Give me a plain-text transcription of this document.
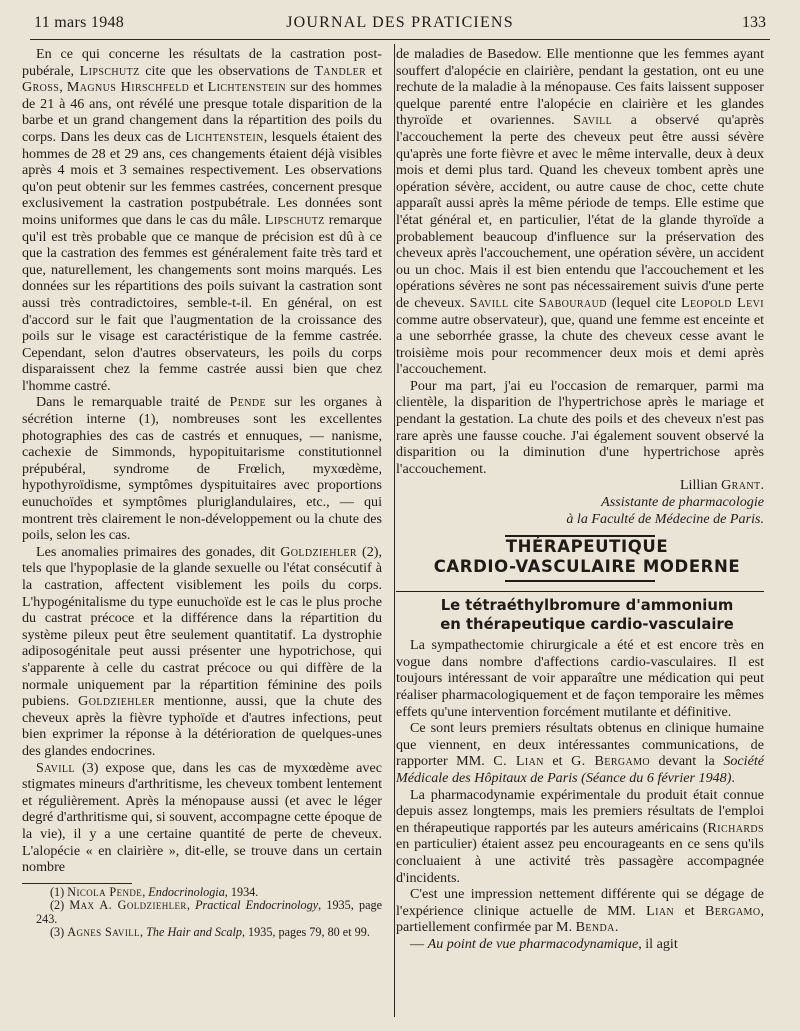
11 mars 1948	JOURNAL DES PRATICIENS	133

En ce qui concerne les résultats de la castration post-pubérale, Lipschutz cite que les observations de Tandler et Gross, Magnus Hirschfeld et Lichtenstein sur des hommes de 21 à 46 ans, ont révélé une presque totale disparition de la barbe et un grand changement dans la répartition des poils du corps. Dans les deux cas de Lichtenstein, lesquels étaient des hommes de 28 et 29 ans, ces changements étaient déjà visibles après 4 mois et 3 semaines respectivement. Les observations qu'on peut obtenir sur les femmes castrées, concernent presque exclusivement la castration postpubétrale. Les données sont moins uniformes que dans le cas du mâle. Lipschutz remarque qu'il est très probable que ce manque de précision est dû à ce que la castration des femmes est généralement faite très tard et que, naturellement, les changements sont moins marqués. Les données sur les répartitions des poils suivant la castration sont aussi très contradictoires, semble-t-il. En général, on est d'accord sur le fait que l'augmentation de la croissance des poils sur le visage est caractéristique de la femme castrée. Cependant, selon d'autres observateurs, les poils du corps disparaissent chez la femme castrée aussi bien que chez l'homme castré.

Dans le remarquable traité de Pende sur les organes à sécrétion interne (1), nombreuses sont les excellentes photographies des cas de castrés et ennuques, — nanisme, cachexie de Simmonds, hypopituitarisme constitutionnel prépubéral, syndrome de Frœlich, myxœdème, hypothyroïdisme, symptômes dyspituitaires avec proportions eunuchoïdes et symptômes pluriglandulaires, etc., — qui montrent très clairement le non-développement ou la chute des poils, selon les cas.

Les anomalies primaires des gonades, dit Goldziehler (2), tels que l'hypoplasie de la glande sexuelle ou l'état consécutif à la castration, affectent visiblement les poils du corps. L'hypogénitalisme du type eunuchoïde est le cas le plus proche du castrat précoce et la différence dans la répartition du système pileux peut être seulement quantitatif. La dystrophie adiposogénitale peut aussi présenter une hypotrichose, qui s'apparente à celle du castrat précoce ou qui diffère de la normale uniquement par la répartition féminine des poils pubiens. Goldziehler mentionne, aussi, que la chute des cheveux après la fièvre typhoïde et d'autres infections, peut bien exprimer la réponse à la détérioration de quelques-unes des glandes endocrines.

Savill (3) expose que, dans les cas de myxœdème avec stigmates mineurs d'arthritisme, les cheveux tombent lentement et régulièrement. Après la ménopause aussi (et avec le léger degré d'arthritisme qui, si souvent, accompagne cette époque de la vie), il y a une certaine quantité de perte de cheveux. L'alopécie « en clairière », dit-elle, se trouve dans un certain nombre

(1) Nicola Pende, Endocrinologia, 1934.

(2) Max A. Goldziehler, Practical Endocrinology, 1935, page 243.

(3) Agnes Savill, The Hair and Scalp, 1935, pages 79, 80 et 99.

de maladies de Basedow. Elle mentionne que les femmes ayant souffert d'alopécie en clairière, pendant la gestation, ont eu une rechute de la maladie à la ménopause. Ces faits laissent supposer quelque parenté entre l'alopécie en clairière et les glandes thyroïde et ovariennes. Savill a observé qu'après l'accouchement la perte des cheveux peut être aussi sévère qu'après une forte fièvre et avec le même intervalle, deux à deux mois et demi plus tard. Quand les cheveux tombent après une opération sévère, accident, ou autre cause de choc, cette chute apparaît aussi après la même période de temps. Elle estime que l'état général et, en particulier, l'état de la glande thyroïde a probablement beaucoup d'influence sur la préservation des cheveux après l'accouchement, une opération sévère, un accident ou un choc. Mais il est bien entendu que l'accouchement et les opérations sévères ne sont pas nécessairement suivis d'une perte de cheveux. Savill cite Sabouraud (lequel cite Leopold Levi comme autre observateur), que, quand une femme est enceinte et a une seborrhée grasse, la chute des cheveux cesse avant le troisième mois pour recommencer deux mois et demi après l'accouchement.

Pour ma part, j'ai eu l'occasion de remarquer, parmi ma clientèle, la disparition de l'hypertrichose après le mariage et pendant la gestation. La chute des poils et des cheveux n'est pas rare après une fausse couche. J'ai également souvent observé la disparition ou la diminution d'une hypertrichose après l'accouchement.

Lillian Grant.

Assistante de pharmacologie

à la Faculté de Médecine de Paris.

THÉRAPEUTIQUE

CARDIO-VASCULAIRE MODERNE

Le tétraéthylbromure d'ammonium

en thérapeutique cardio-vasculaire

La sympathectomie chirurgicale a été et est encore très en vogue dans nombre d'affections cardio-vasculaires. Il est toujours intéressant de voir apparaître une médication qui peut réaliser pharmacologiquement et de façon temporaire les mêmes effets qu'une intervention forcément mutilante et définitive.

Ce sont leurs premiers résultats obtenus en clinique humaine que viennent, en deux intéressantes communications, de rapporter MM. C. Lian et G. Bergamo devant la Société Médicale des Hôpitaux de Paris (Séance du 6 février 1948).

La pharmacodynamie expérimentale du produit était connue depuis assez longtemps, mais les premiers résultats de l'emploi en thérapeutique rapportés par les auteurs américains (Richards en particulier) étaient assez peu encourageants en ce sens qu'ils concluaient à une activité très passagère accompagnée d'incidents.

C'est une impression nettement différente qui se dégage de l'expérience clinique actuelle de MM. Lian et Bergamo, partiellement confirmée par M. Benda.

— Au point de vue pharmacodynamique, il agit
